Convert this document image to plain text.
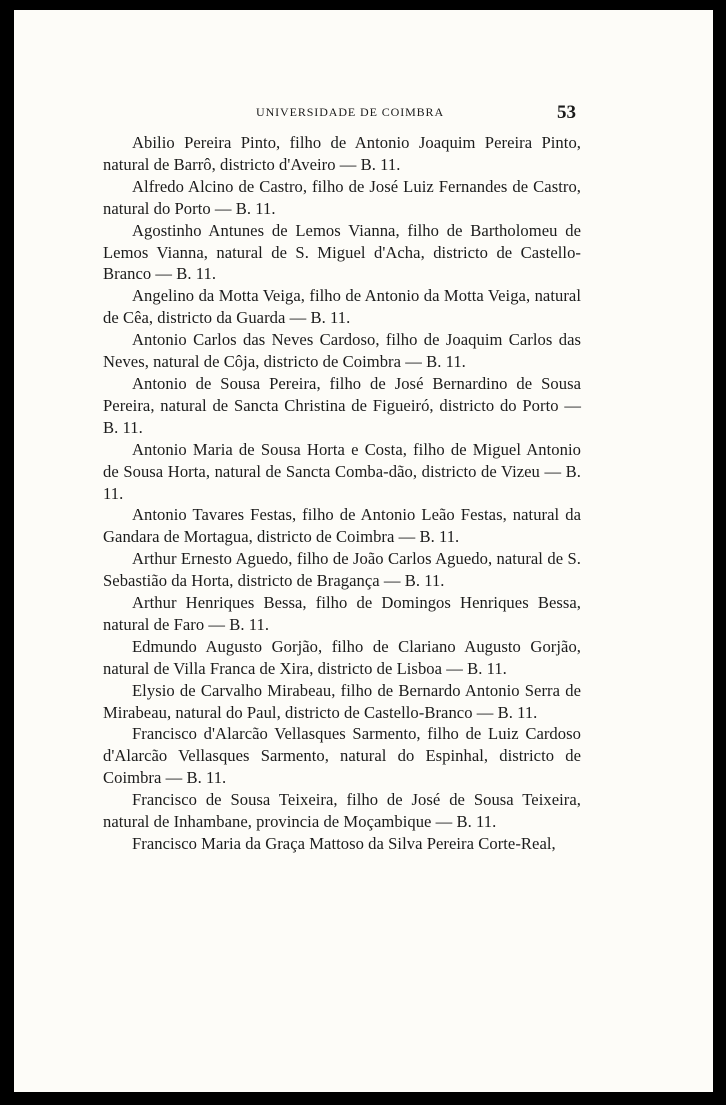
UNIVERSIDADE DE COIMBRA	53

Abilio Pereira Pinto, filho de Antonio Joaquim Pereira Pinto, natural de Barrô, districto d'Aveiro — B. 11.

Alfredo Alcino de Castro, filho de José Luiz Fernandes de Castro, natural do Porto — B. 11.

Agostinho Antunes de Lemos Vianna, filho de Bartholomeu de Lemos Vianna, natural de S. Miguel d'Acha, districto de Castello-Branco — B. 11.

Angelino da Motta Veiga, filho de Antonio da Motta Veiga, natural de Cêa, districto da Guarda — B. 11.

Antonio Carlos das Neves Cardoso, filho de Joaquim Carlos das Neves, natural de Côja, districto de Coimbra — B. 11.

Antonio de Sousa Pereira, filho de José Bernardino de Sousa Pereira, natural de Sancta Christina de Figueiró, districto do Porto — B. 11.

Antonio Maria de Sousa Horta e Costa, filho de Miguel Antonio de Sousa Horta, natural de Sancta Comba-dão, districto de Vizeu — B. 11.

Antonio Tavares Festas, filho de Antonio Leão Festas, natural da Gandara de Mortagua, districto de Coimbra — B. 11.

Arthur Ernesto Aguedo, filho de João Carlos Aguedo, natural de S. Sebastião da Horta, districto de Bragança — B. 11.

Arthur Henriques Bessa, filho de Domingos Henriques Bessa, natural de Faro — B. 11.

Edmundo Augusto Gorjão, filho de Clariano Augusto Gorjão, natural de Villa Franca de Xira, districto de Lisboa — B. 11.

Elysio de Carvalho Mirabeau, filho de Bernardo Antonio Serra de Mirabeau, natural do Paul, districto de Castello-Branco — B. 11.

Francisco d'Alarcão Vellasques Sarmento, filho de Luiz Cardoso d'Alarcão Vellasques Sarmento, natural do Espinhal, districto de Coimbra — B. 11.

Francisco de Sousa Teixeira, filho de José de Sousa Teixeira, natural de Inhambane, provincia de Moçambique — B. 11.

Francisco Maria da Graça Mattoso da Silva Pereira Corte-Real,
